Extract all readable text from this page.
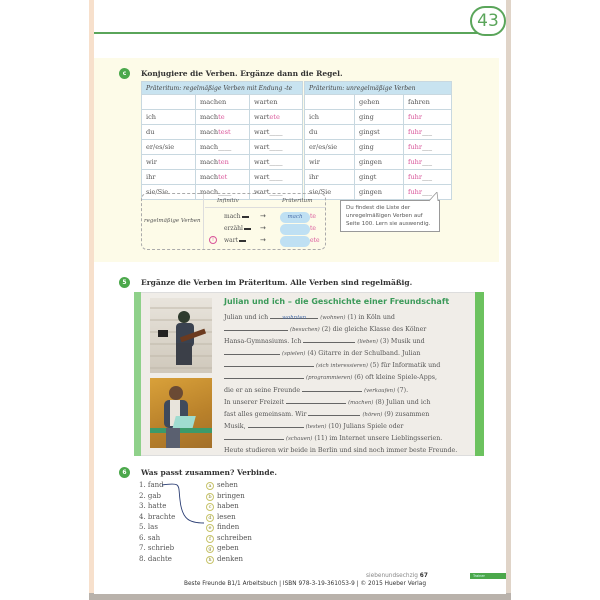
43
c	Konjugiere die Verben. Ergänze dann die Regel.
Präteritum: regelmäßige Verben mit Endung -te		
	machen	warten
ich	machte	wartete
du	machtest	wart____
er/es/sie	mach____	wart____
wir	machten	wart____
ihr	machtet	wart____
sie/Sie	mach____	wart____
Präteritum: unregelmäßige Verben		
	gehen	fahren
ich	ging	fuhr
du	gingst	fuhr___
er/es/sie	ging	fuhr___
wir	gingen	fuhr___
ihr	gingt	fuhr___
sie/Sie	gingen	fuhr___
regelmäßige Verben
Infinitiv	Präteritum
mach	→	mach	te
erzähl	→	te
!	wart	→	ete
Du findest die Liste der unregelmäßigen Verben auf Seite 100. Lern sie auswendig.
5	Ergänze die Verben im Präteritum. Alle Verben sind regelmäßig.
Julian und ich – die Geschichte einer Freundschaft
Julian und ich wohnten	(wohnen) (1) in Köln und
(besuchen) (2) die gleiche Klasse des Kölner
Hansa-Gymnasiums. Ich	(lieben) (3) Musik und
(spielen) (4) Gitarre in der Schulband. Julian
(sich interessieren) (5) für Informatik und
(programmieren) (6) oft kleine Spiele-Apps,
die er an seine Freunde	(verkaufen) (7).
In unserer Freizeit	(machen) (8) Julian und ich
fast alles gemeinsam. Wir	(hören) (9) zusammen
Musik,	(testen) (10) Julians Spiele oder
(schauen) (11) im Internet unsere Lieblingsserien.
Heute studieren wir beide in Berlin und sind noch immer beste Freunde.
6	Was passt zusammen? Verbinde.
1. fand
2. gab
3. hatte
4. brachte
5. las
6. sah
7. schrieb
8. dachte
a sehen
b bringen
c haben
d lesen
e finden
f schreiben
g geben
h denken
siebenundsechzig 67	Trainer
Beste Freunde B1/1 Arbeitsbuch | ISBN 978-3-19-361053-9 | © 2015 Hueber Verlag
